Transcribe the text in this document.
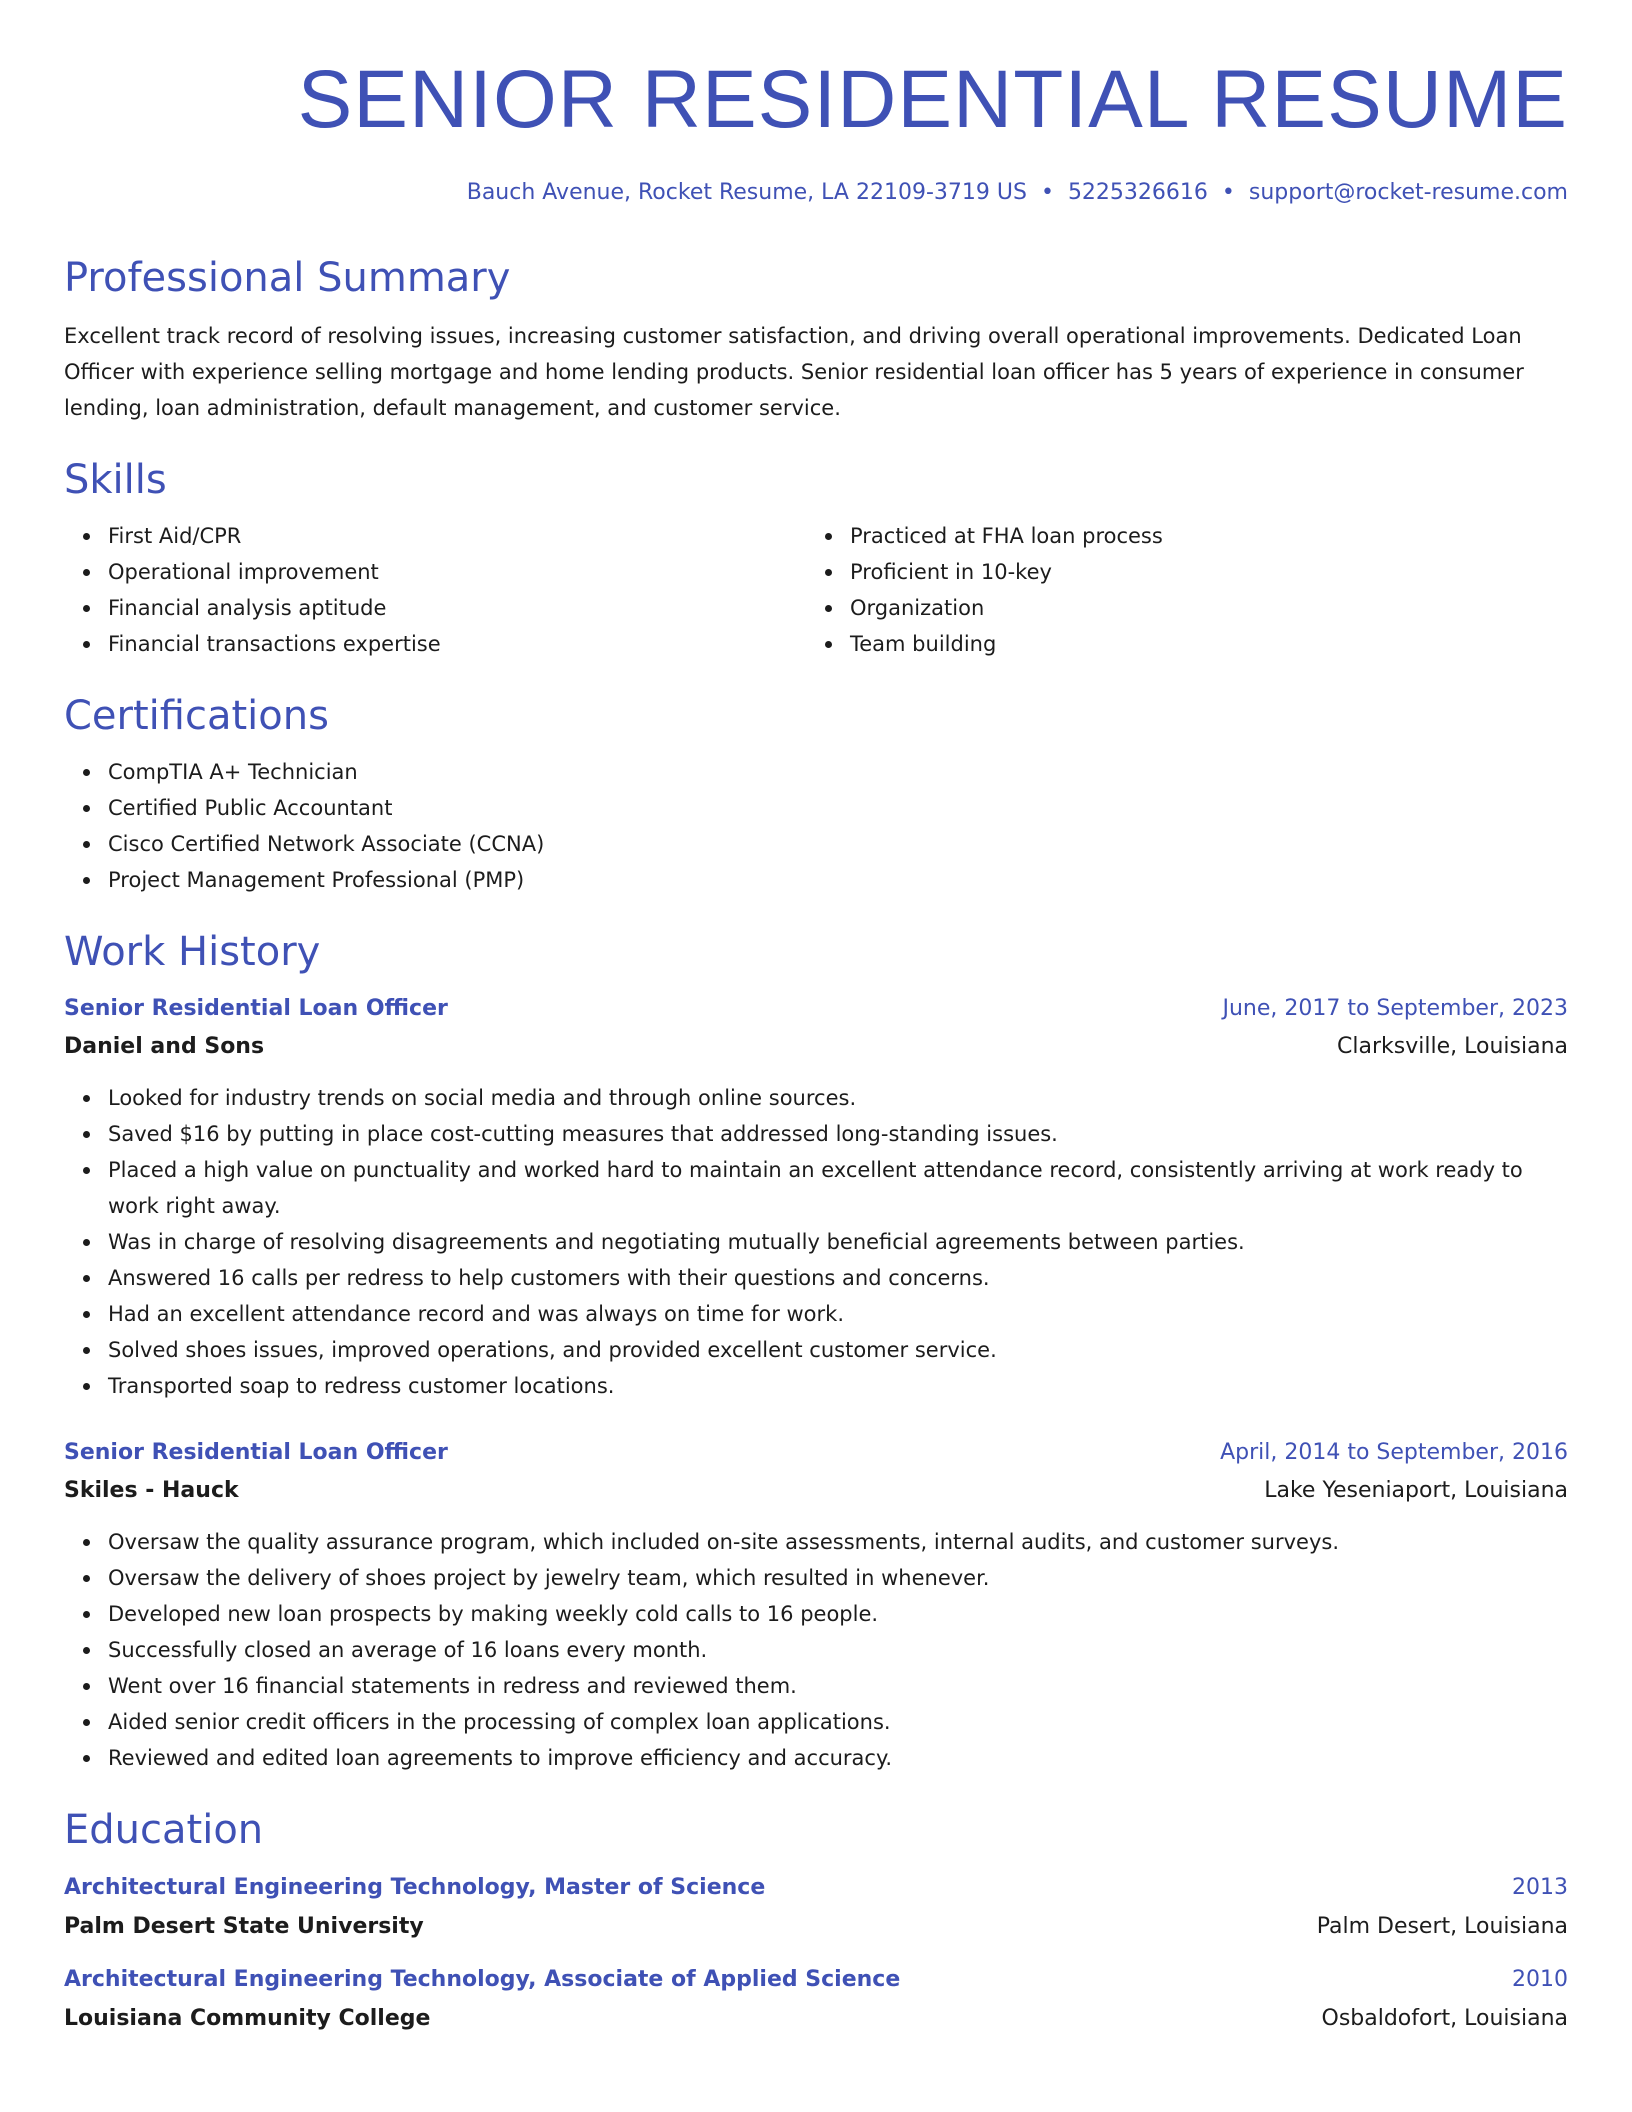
SENIOR RESIDENTIAL RESUME
Bauch Avenue, Rocket Resume, LA 22109-3719 US • 5225326616 • support@rocket-resume.com
Professional Summary

Excellent track record of resolving issues, increasing customer satisfaction, and driving overall operational improvements. Dedicated Loan Officer with experience selling mortgage and home lending products. Senior residential loan officer has 5 years of experience in consumer lending, loan administration, default management, and customer service.

Skills
First Aid/CPR
Operational improvement
Financial analysis aptitude
Financial transactions expertise
Practiced at FHA loan process
Proficient in 10-key
Organization
Team building
Certifications
CompTIA A+ Technician
Certified Public Accountant
Cisco Certified Network Associate (CCNA)
Project Management Professional (PMP)
Work History
Senior Residential Loan Officer	June, 2017 to September, 2023
Daniel and Sons	Clarksville, Louisiana
Looked for industry trends on social media and through online sources.
Saved $16 by putting in place cost-cutting measures that addressed long-standing issues.
Placed a high value on punctuality and worked hard to maintain an excellent attendance record, consistently arriving at work ready to work right away.
Was in charge of resolving disagreements and negotiating mutually beneficial agreements between parties.
Answered 16 calls per redress to help customers with their questions and concerns.
Had an excellent attendance record and was always on time for work.
Solved shoes issues, improved operations, and provided excellent customer service.
Transported soap to redress customer locations.
Senior Residential Loan Officer	April, 2014 to September, 2016
Skiles - Hauck	Lake Yeseniaport, Louisiana
Oversaw the quality assurance program, which included on-site assessments, internal audits, and customer surveys.
Oversaw the delivery of shoes project by jewelry team, which resulted in whenever.
Developed new loan prospects by making weekly cold calls to 16 people.
Successfully closed an average of 16 loans every month.
Went over 16 financial statements in redress and reviewed them.
Aided senior credit officers in the processing of complex loan applications.
Reviewed and edited loan agreements to improve efficiency and accuracy.
Education
Architectural Engineering Technology, Master of Science	2013
Palm Desert State University	Palm Desert, Louisiana
Architectural Engineering Technology, Associate of Applied Science	2010
Louisiana Community College	Osbaldofort, Louisiana
